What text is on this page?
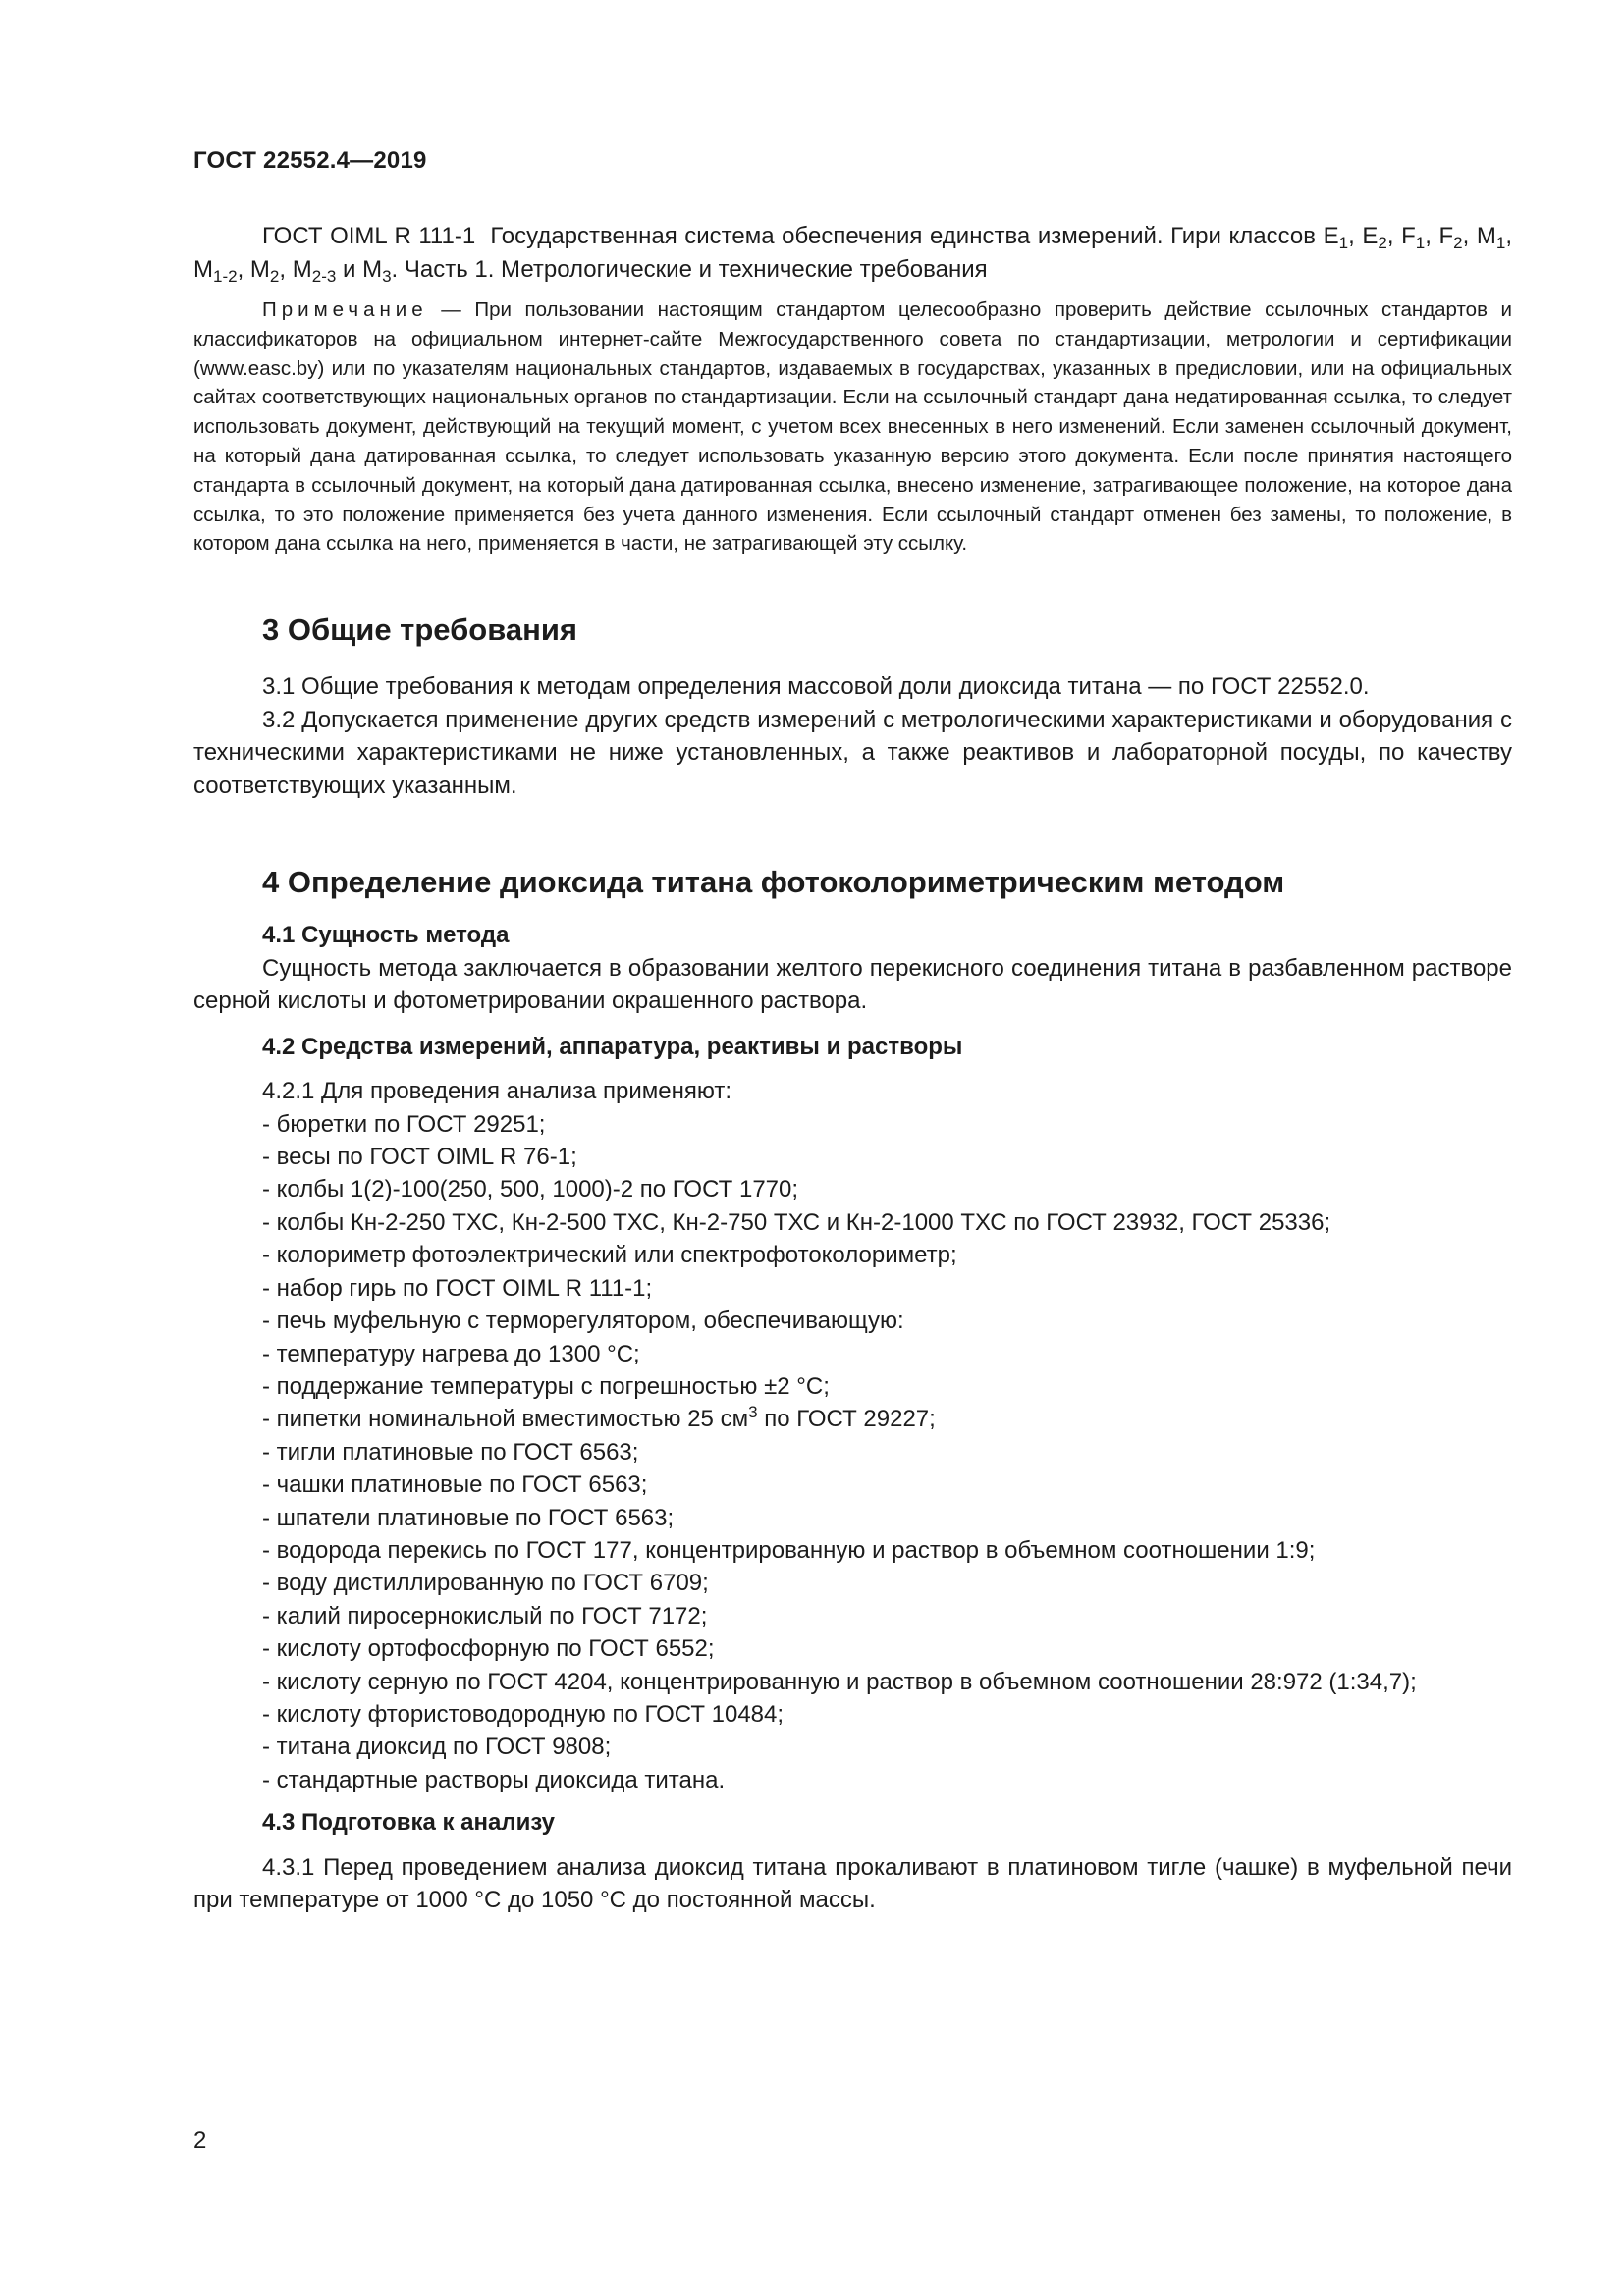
ГОСТ 22552.4—2019

ГОСТ OIML R 111-1 Государственная система обеспечения единства измерений. Гири классов $E_1$, $E_2$, $F_1$, $F_2$, $M_1$, $M_{1-2}$, $M_2$, $M_{2-3}$ и $M_3$. Часть 1. Метрологические и технические требования

Примечание — При пользовании настоящим стандартом целесообразно проверить действие ссылочных стандартов и классификаторов на официальном интернет-сайте Межгосударственного совета по стандартизации, метрологии и сертификации (www.easc.by) или по указателям национальных стандартов, издаваемых в государствах, указанных в предисловии, или на официальных сайтах соответствующих национальных органов по стандартизации. Если на ссылочный стандарт дана недатированная ссылка, то следует использовать документ, действующий на текущий момент, с учетом всех внесенных в него изменений. Если заменен ссылочный документ, на который дана датированная ссылка, то следует использовать указанную версию этого документа. Если после принятия настоящего стандарта в ссылочный документ, на который дана датированная ссылка, внесено изменение, затрагивающее положение, на которое дана ссылка, то это положение применяется без учета данного изменения. Если ссылочный стандарт отменен без замены, то положение, в котором дана ссылка на него, применяется в части, не затрагивающей эту ссылку.

3 Общие требования

3.1 Общие требования к методам определения массовой доли диоксида титана — по ГОСТ 22552.0.

3.2 Допускается применение других средств измерений с метрологическими характеристиками и оборудования с техническими характеристиками не ниже установленных, а также реактивов и лабораторной посуды, по качеству соответствующих указанным.

4 Определение диоксида титана фотоколориметрическим методом
4.1 Сущность метода

Сущность метода заключается в образовании желтого перекисного соединения титана в разбавленном растворе серной кислоты и фотометрировании окрашенного раствора.

4.2 Средства измерений, аппаратура, реактивы и растворы

4.2.1 Для проведения анализа применяют:

- бюретки по ГОСТ 29251;
- весы по ГОСТ OIML R 76-1;
- колбы 1(2)-100(250, 500, 1000)-2 по ГОСТ 1770;
- колбы Кн-2-250 ТХС, Кн-2-500 ТХС, Кн-2-750 ТХС и Кн-2-1000 ТХС по ГОСТ 23932, ГОСТ 25336;
- колориметр фотоэлектрический или спектрофотоколориметр;
- набор гирь по ГОСТ OIML R 111-1;
- печь муфельную с терморегулятором, обеспечивающую:
- температуру нагрева до 1300 °С;
- поддержание температуры с погрешностью ±2 °С;
- пипетки номинальной вместимостью 25 $см^3$ по ГОСТ 29227;
- тигли платиновые по ГОСТ 6563;
- чашки платиновые по ГОСТ 6563;
- шпатели платиновые по ГОСТ 6563;
- водорода перекись по ГОСТ 177, концентрированную и раствор в объемном соотношении 1:9;
- воду дистиллированную по ГОСТ 6709;
- калий пиросернокислый по ГОСТ 7172;
- кислоту ортофосфорную по ГОСТ 6552;
- кислоту серную по ГОСТ 4204, концентрированную и раствор в объемном соотношении 28:972 (1:34,7);
- кислоту фтористоводородную по ГОСТ 10484;
- титана диоксид по ГОСТ 9808;
- стандартные растворы диоксида титана.
4.3 Подготовка к анализу

4.3.1 Перед проведением анализа диоксид титана прокаливают в платиновом тигле (чашке) в муфельной печи при температуре от 1000 °С до 1050 °С до постоянной массы.

2
